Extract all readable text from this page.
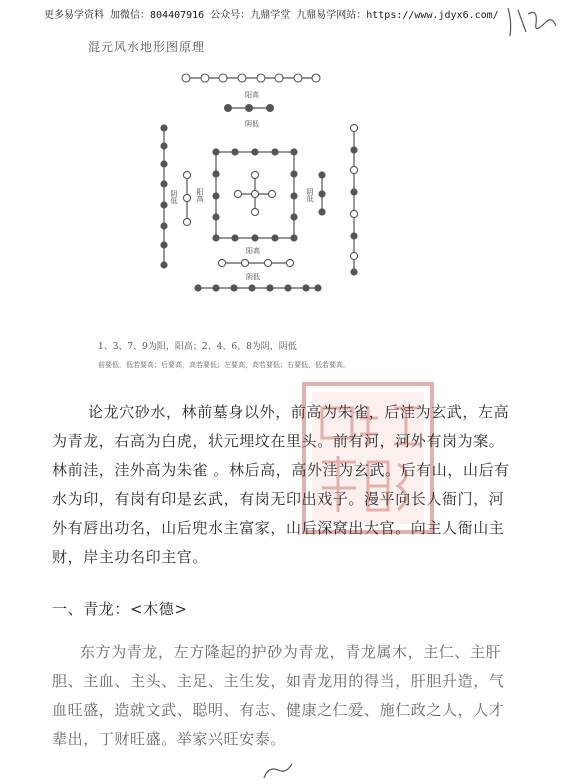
更多易学资料 加微信：804407916 公众号：九鼎学堂 九鼎易学网站：https://www.jdyx6.com/
混元风水地形图原理
阳高
阴低
阴低	阳高	阴低
阳高
阴低
1、3、7、9为阳，阳高；2、4、6、8为阴，阴低
前要低，低若要高；后要高，高若要低；左要高，高若要低；右要低，低若要高。
论龙穴砂水，林前墓身以外，前高为朱雀，后洼为玄武，左高为青龙，右高为白虎，状元埋坟在里头。前有河，河外有岗为案。林前洼，洼外高为朱雀 。林后高，高外洼为玄武。后有山，山后有水为印，有岗有印是玄武，有岗无印出戏子。漫平向长人衙门，河外有唇出功名，山后兜水主富家，山后深窝出大官。向主人衙山主财，岸主功名印主官。
一、青龙：<木德>
东方为青龙，左方隆起的护砂为青龙，青龙属木，主仁、主肝胆、主血、主头、主足、主生发，如青龙用的得当，肝胆升造，气血旺盛，造就文武、聪明、有志、健康之仁爱、施仁政之人，人才辈出，丁财旺盛。举家兴旺安泰。
